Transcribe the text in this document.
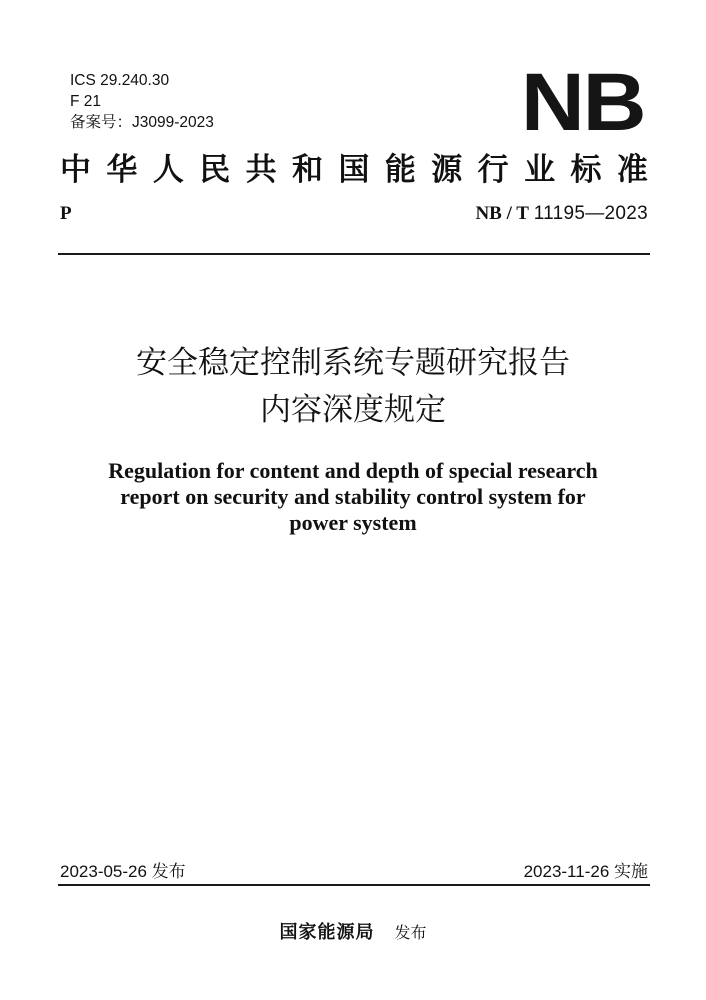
ICS 29.240.30
F 21
备案号：J3099-2023	NB
中 华 人 民 共 和 国 能 源 行 业 标 准
P	NB / T 11195—2023
安全稳定控制系统专题研究报告
内容深度规定
Regulation for content and depth of special research
report on security and stability control system for
power system
2023-05-26 发布	2023-11-26 实施
国家能源局 发布
